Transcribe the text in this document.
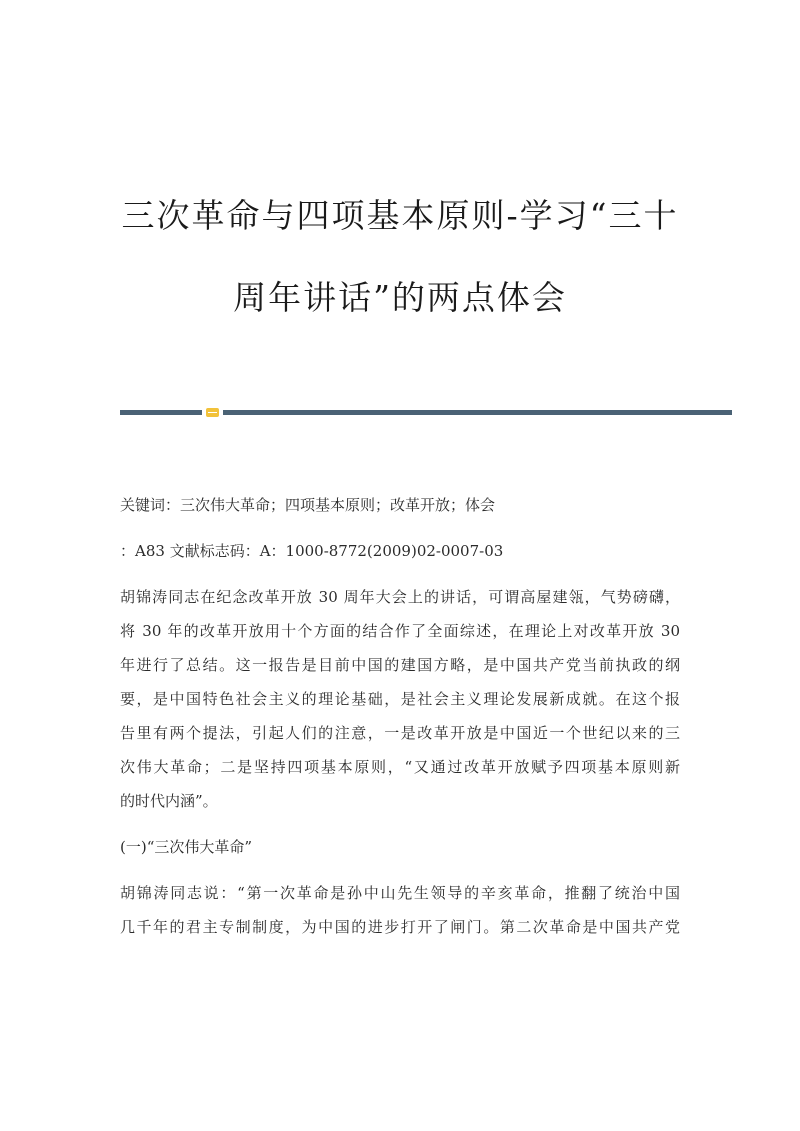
三次革命与四项基本原则-学习“三十
周年讲话”的两点体会
关键词：三次伟大革命；四项基本原则；改革开放；体会
：A83 文献标志码：A：1000-8772(2009)02-0007-03
胡锦涛同志在纪念改革开放 30 周年大会上的讲话，可谓高屋建瓴，气势磅礴，
将 30 年的改革开放用十个方面的结合作了全面综述，在理论上对改革开放 30
年进行了总结。这一报告是目前中国的建国方略，是中国共产党当前执政的纲
要，是中国特色社会主义的理论基础，是社会主义理论发展新成就。在这个报
告里有两个提法，引起人们的注意，一是改革开放是中国近一个世纪以来的三
次伟大革命；二是坚持四项基本原则，“又通过改革开放赋予四项基本原则新
的时代内涵”。
(一)“三次伟大革命”
胡锦涛同志说：“第一次革命是孙中山先生领导的辛亥革命，推翻了统治中国
几千年的君主专制制度，为中国的进步打开了闸门。第二次革命是中国共产党
